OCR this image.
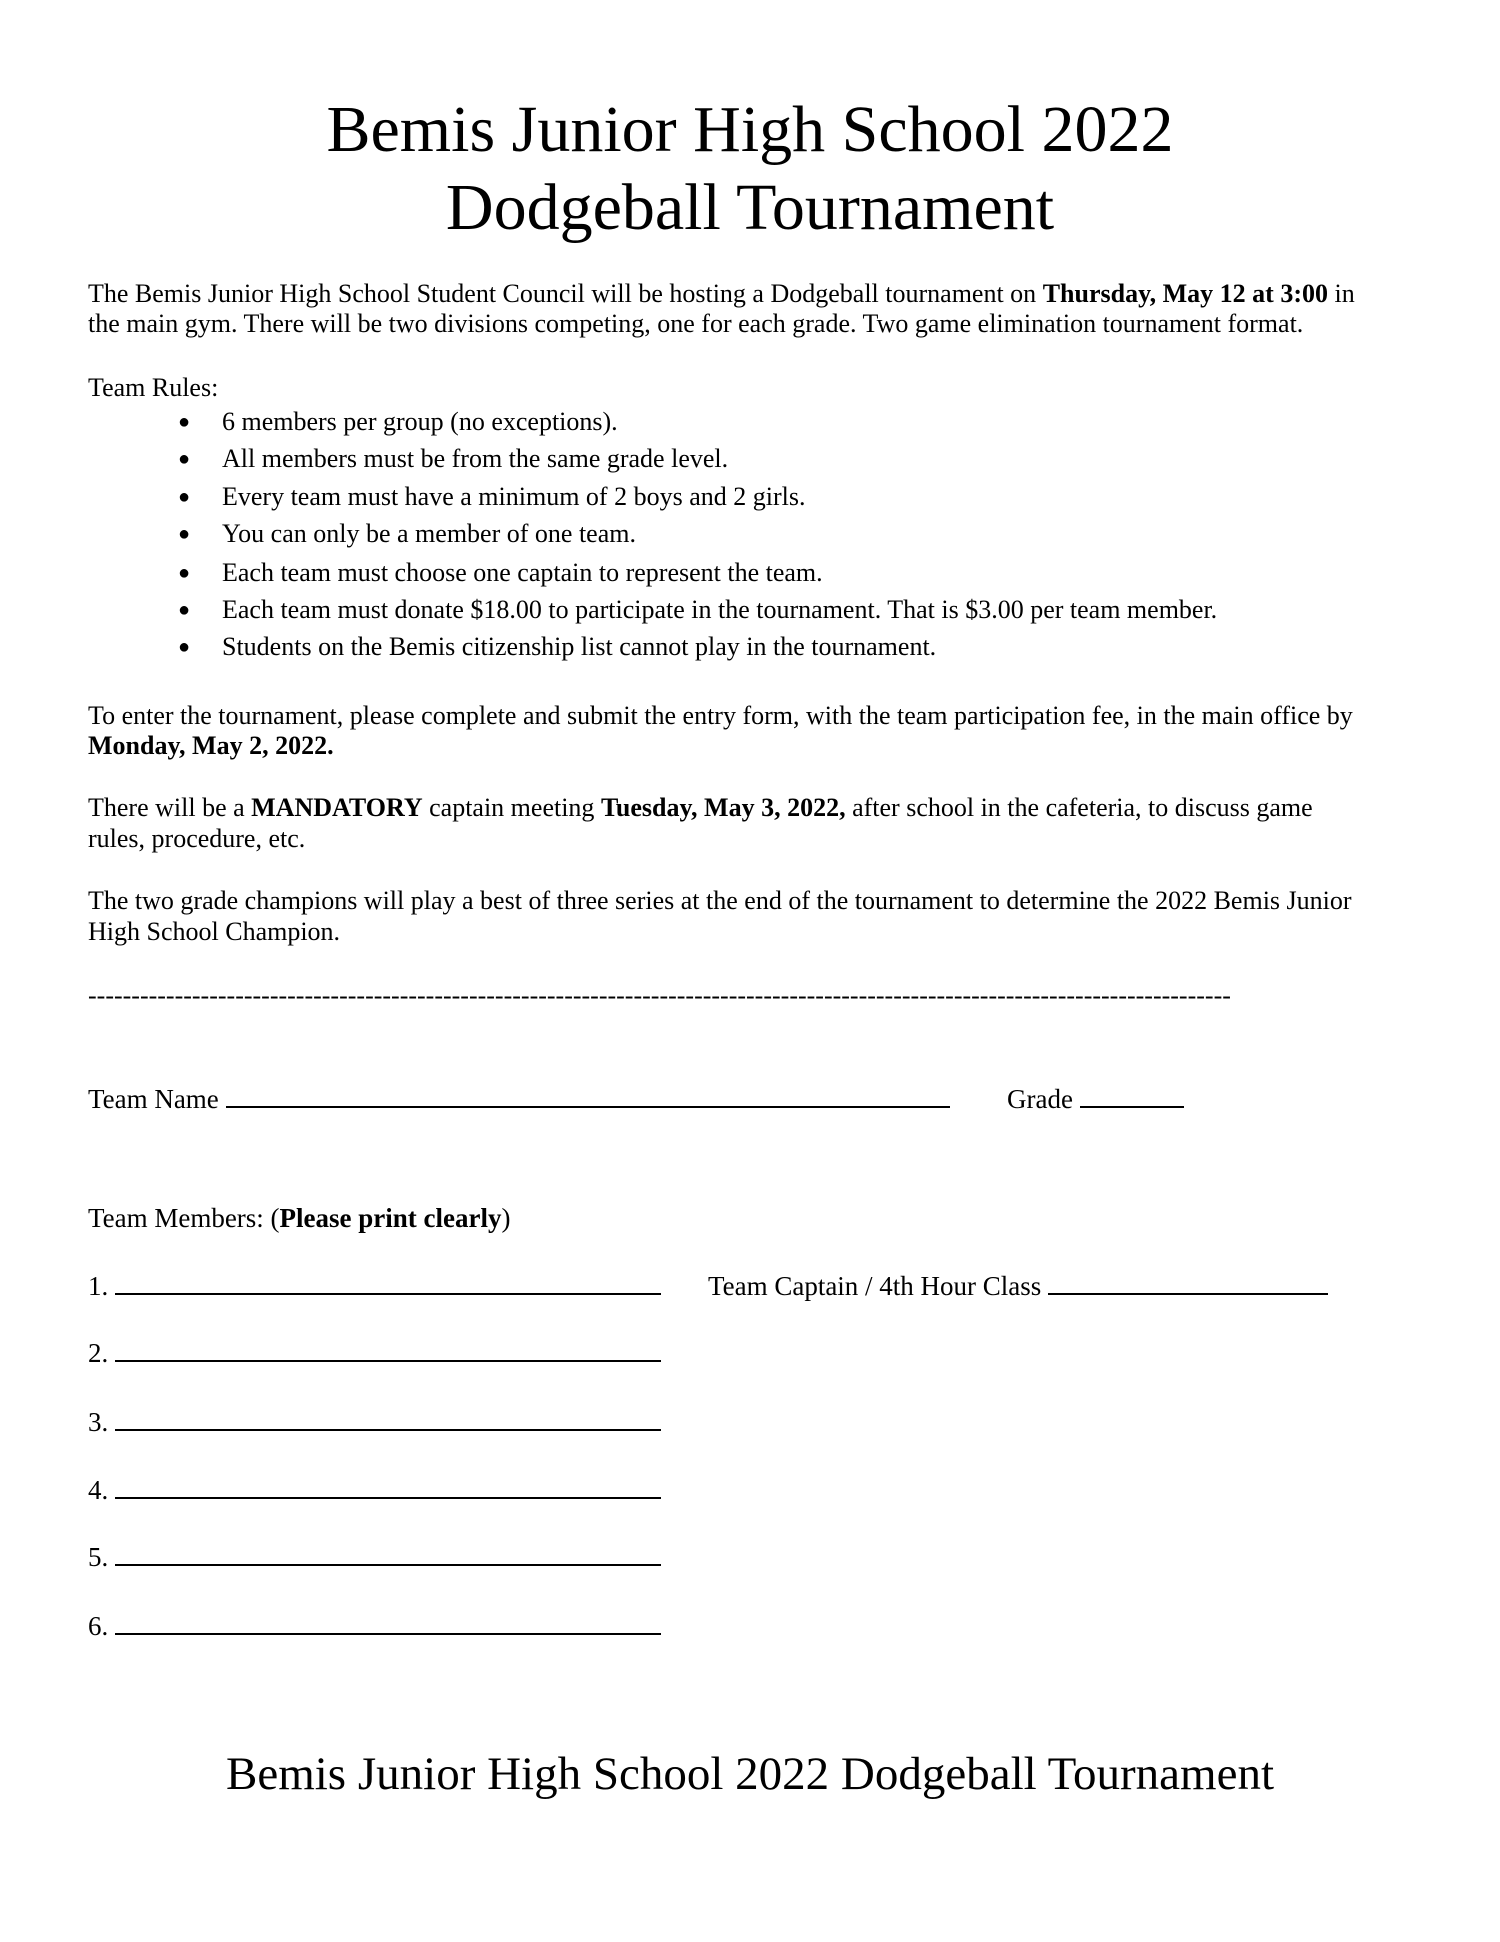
Bemis Junior High School 2022
Dodgeball Tournament
The Bemis Junior High School Student Council will be hosting a Dodgeball tournament on Thursday, May 12 at 3:00 in
the main gym. There will be two divisions competing, one for each grade. Two game elimination tournament format.
Team Rules:
● 6 members per group (no exceptions).
● All members must be from the same grade level.
● Every team must have a minimum of 2 boys and 2 girls.
● You can only be a member of one team.
● Each team must choose one captain to represent the team.
● Each team must donate $18.00 to participate in the tournament. That is $3.00 per team member.
● Students on the Bemis citizenship list cannot play in the tournament.
To enter the tournament, please complete and submit the entry form, with the team participation fee, in the main office by
Monday, May 2, 2022.
There will be a MANDATORY captain meeting Tuesday, May 3, 2022, after school in the cafeteria, to discuss game
rules, procedure, etc.
The two grade champions will play a best of three series at the end of the tournament to determine the 2022 Bemis Junior
High School Champion.
------------------------------------------------------------------------------------------------------------------------------------
Team Name	Grade
Team Members: (Please print clearly)
1.	Team Captain / 4th Hour Class
2.
3.
4.
5.
6.
Bemis Junior High School 2022 Dodgeball Tournament
